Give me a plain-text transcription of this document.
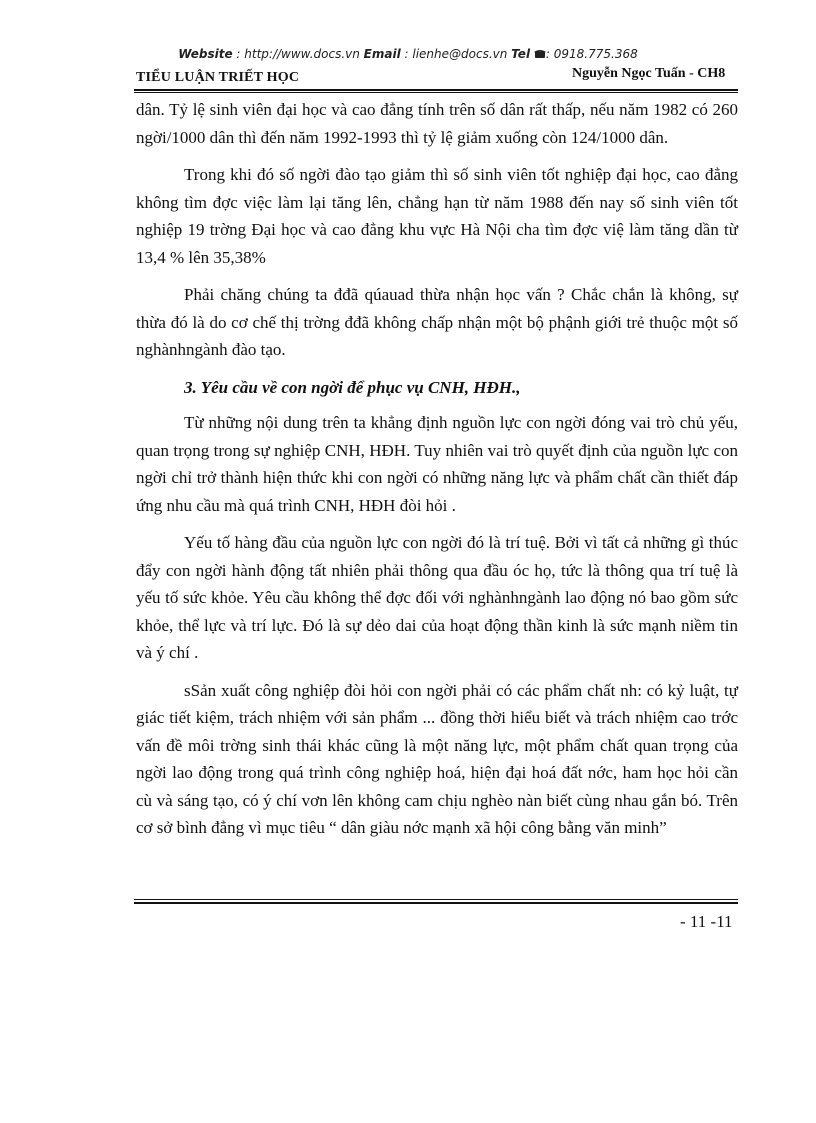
Website : http://www.docs.vn Email : lienhe@docs.vn Tel : 0918.775.368
TIỂU LUẬN TRIẾT HỌC	Nguyễn Ngọc Tuấn - CH8

dân. Tỷ lệ sinh viên đại học và cao đẳng tính trên số dân rất thấp, nếu năm 1982 có 260 ngời/1000 dân thì đến năm 1992-1993 thì tỷ lệ giảm xuống còn 124/1000 dân.

Trong khi đó số ngời đào tạo giảm thì số sinh viên tốt nghiệp đại học, cao đẳng không tìm đợc việc làm lại tăng lên, chẳng hạn từ năm 1988 đến nay số sinh viên tốt nghiệp 19 trờng Đại học và cao đẳng khu vực Hà Nội cha tìm đợc việ làm tăng dần từ 13,4 % lên 35,38%

Phải chăng chúng ta đđã qúauad thừa nhận học vấn ? Chắc chắn là không, sự thừa đó là do cơ chế thị trờng đđã không chấp nhận một bộ phậnh giới trẻ thuộc một số nghànhngành đào tạo.

3. Yêu cầu về con ngời để phục vụ CNH, HĐH.,

Từ những nội dung trên ta khẳng định nguồn lực con ngời đóng vai trò chủ yếu, quan trọng trong sự nghiệp CNH, HĐH. Tuy nhiên vai trò quyết định của nguồn lực con ngời chỉ trở thành hiện thức khi con ngời có những năng lực và phẩm chất cần thiết đáp ứng nhu cầu mà quá trình CNH, HĐH đòi hỏi .

Yếu tố hàng đầu của nguồn lực con ngời đó là trí tuệ. Bởi vì tất cả những gì thúc đẩy con ngời hành động tất nhiên phải thông qua đầu óc họ, tức là thông qua trí tuệ là yếu tố sức khỏe. Yêu cầu không thể đợc đối với nghànhngành lao động nó bao gồm sức khỏe, thể lực và trí lực. Đó là sự dẻo dai của hoạt động thần kinh là sức mạnh niềm tin và ý chí .

sSản xuất công nghiệp đòi hỏi con ngời phải có các phẩm chất nh: có kỷ luật, tự giác tiết kiệm, trách nhiệm với sản phẩm ... đồng thời hiểu biết và trách nhiệm cao trớc vấn đề môi trờng sinh thái khác cũng là một năng lực, một phẩm chất quan trọng của ngời lao động trong quá trình công nghiệp hoá, hiện đại hoá đất nớc, ham học hỏi cần cù và sáng tạo, có ý chí vơn lên không cam chịu nghèo nàn biết cùng nhau gắn bó. Trên cơ sở bình đẳng vì mục tiêu “ dân giàu nớc mạnh xã hội công bằng văn minh”

- 11 -11
